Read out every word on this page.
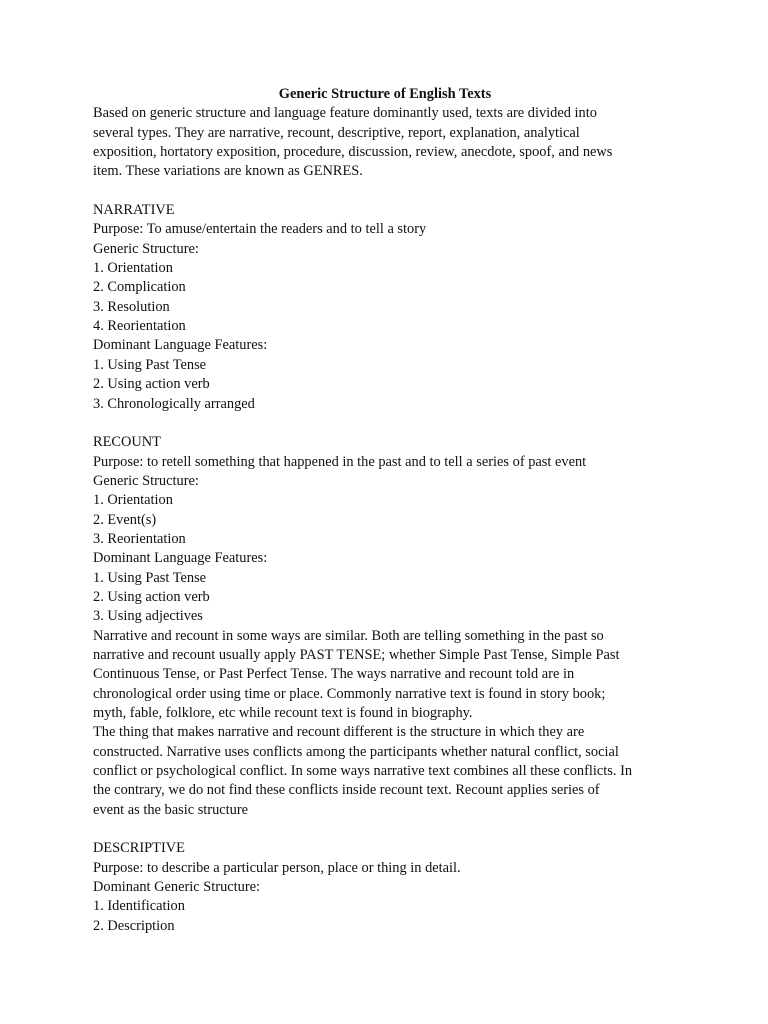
Generic Structure of English Texts
Based on generic structure and language feature dominantly used, texts are divided into
several types. They are narrative, recount, descriptive, report, explanation, analytical
exposition, hortatory exposition, procedure, discussion, review, anecdote, spoof, and news
item. These variations are known as GENRES.
NARRATIVE
Purpose: To amuse/entertain the readers and to tell a story
Generic Structure:
1. Orientation
2. Complication
3. Resolution
4. Reorientation
Dominant Language Features:
1. Using Past Tense
2. Using action verb
3. Chronologically arranged
RECOUNT
Purpose: to retell something that happened in the past and to tell a series of past event
Generic Structure:
1. Orientation
2. Event(s)
3. Reorientation
Dominant Language Features:
1. Using Past Tense
2. Using action verb
3. Using adjectives
Narrative and recount in some ways are similar. Both are telling something in the past so
narrative and recount usually apply PAST TENSE; whether Simple Past Tense, Simple Past
Continuous Tense, or Past Perfect Tense. The ways narrative and recount told are in
chronological order using time or place. Commonly narrative text is found in story book;
myth, fable, folklore, etc while recount text is found in biography.
The thing that makes narrative and recount different is the structure in which they are
constructed. Narrative uses conflicts among the participants whether natural conflict, social
conflict or psychological conflict. In some ways narrative text combines all these conflicts. In
the contrary, we do not find these conflicts inside recount text. Recount applies series of
event as the basic structure
DESCRIPTIVE
Purpose: to describe a particular person, place or thing in detail.
Dominant Generic Structure:
1. Identification
2. Description
